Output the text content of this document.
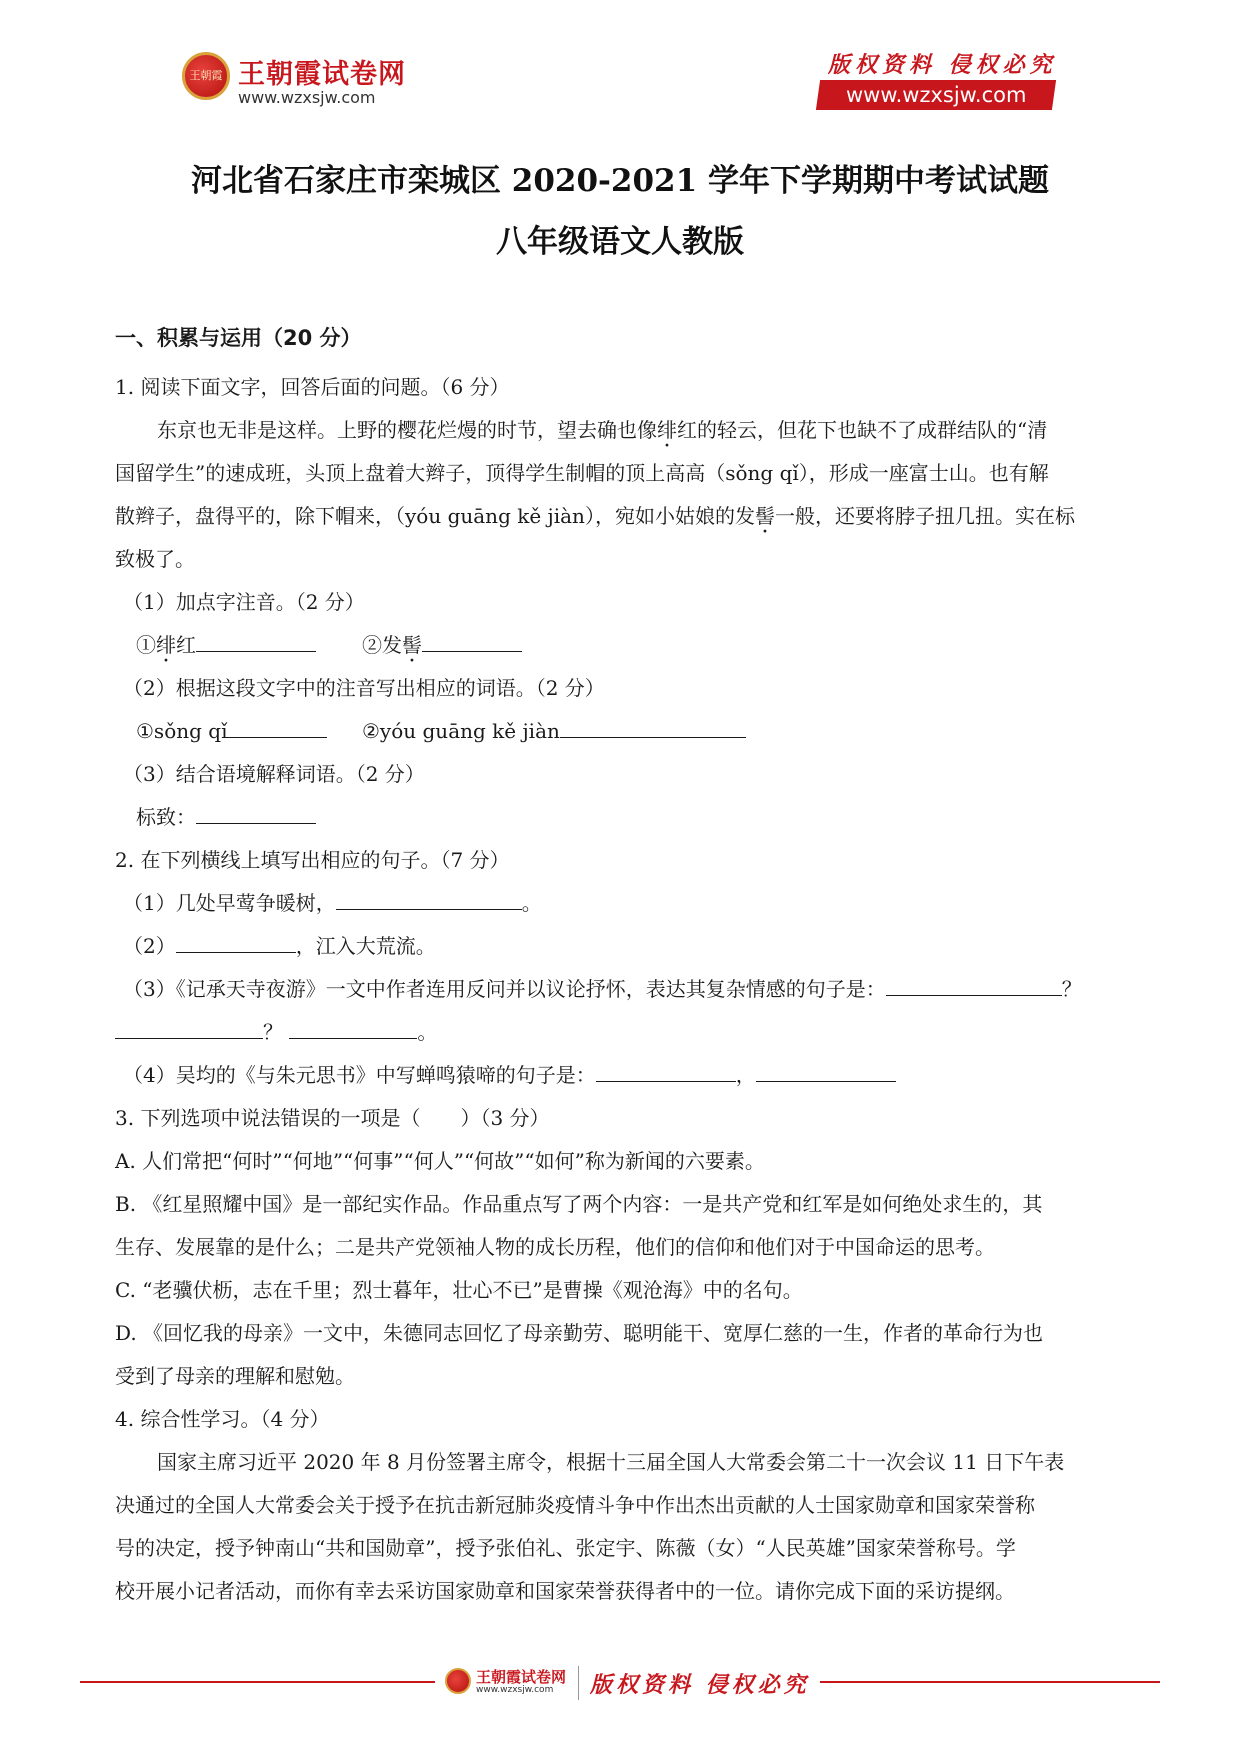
王朝霞 王朝霞试卷网
www.wzxsjw.com
版权资料 侵权必究
www.wzxsjw.com
河北省石家庄市栾城区 2020-2021 学年下学期期中考试试题
八年级语文人教版
一、积累与运用（20 分）
1. 阅读下面文字，回答后面的问题。（6 分）
东京也无非是这样。上野的樱花烂熳的时节，望去确也像绯红的轻云，但花下也缺不了成群结队的“清
国留学生”的速成班，头顶上盘着大辫子，顶得学生制帽的顶上高高（sǒng qǐ），形成一座富士山。也有解
散辫子，盘得平的，除下帽来，（yóu guāng kě jiàn），宛如小姑娘的发髻一般，还要将脖子扭几扭。实在标
致极了。
（1）加点字注音。（2 分）
①绯红	②发髻
（2）根据这段文字中的注音写出相应的词语。（2 分）
①sǒng qǐ	②yóu guāng kě jiàn
（3）结合语境解释词语。（2 分）
标致：
2. 在下列横线上填写出相应的句子。（7 分）
（1）几处早莺争暖树，	。
（2）	，江入大荒流。
（3）《记承天寺夜游》一文中作者连用反问并以议论抒怀，表达其复杂情感的句子是：	？
？	。
（4）吴均的《与朱元思书》中写蝉鸣猿啼的句子是：	，
3. 下列选项中说法错误的一项是（　　）（3 分）
A. 人们常把“何时”“何地”“何事”“何人”“何故”“如何”称为新闻的六要素。
B. 《红星照耀中国》是一部纪实作品。作品重点写了两个内容：一是共产党和红军是如何绝处求生的，其
生存、发展靠的是什么；二是共产党领袖人物的成长历程，他们的信仰和他们对于中国命运的思考。
C. “老骥伏枥，志在千里；烈士暮年，壮心不已”是曹操《观沧海》中的名句。
D. 《回忆我的母亲》一文中，朱德同志回忆了母亲勤劳、聪明能干、宽厚仁慈的一生，作者的革命行为也
受到了母亲的理解和慰勉。
4. 综合性学习。（4 分）
国家主席习近平 2020 年 8 月份签署主席令，根据十三届全国人大常委会第二十一次会议 11 日下午表
决通过的全国人大常委会关于授予在抗击新冠肺炎疫情斗争中作出杰出贡献的人士国家勋章和国家荣誉称
号的决定，授予钟南山“共和国勋章”，授予张伯礼、张定宇、陈薇（女）“人民英雄”国家荣誉称号。学
校开展小记者活动，而你有幸去采访国家勋章和国家荣誉获得者中的一位。请你完成下面的采访提纲。
王朝霞试卷网
www.wzxsjw.com 版权资料 侵权必究
